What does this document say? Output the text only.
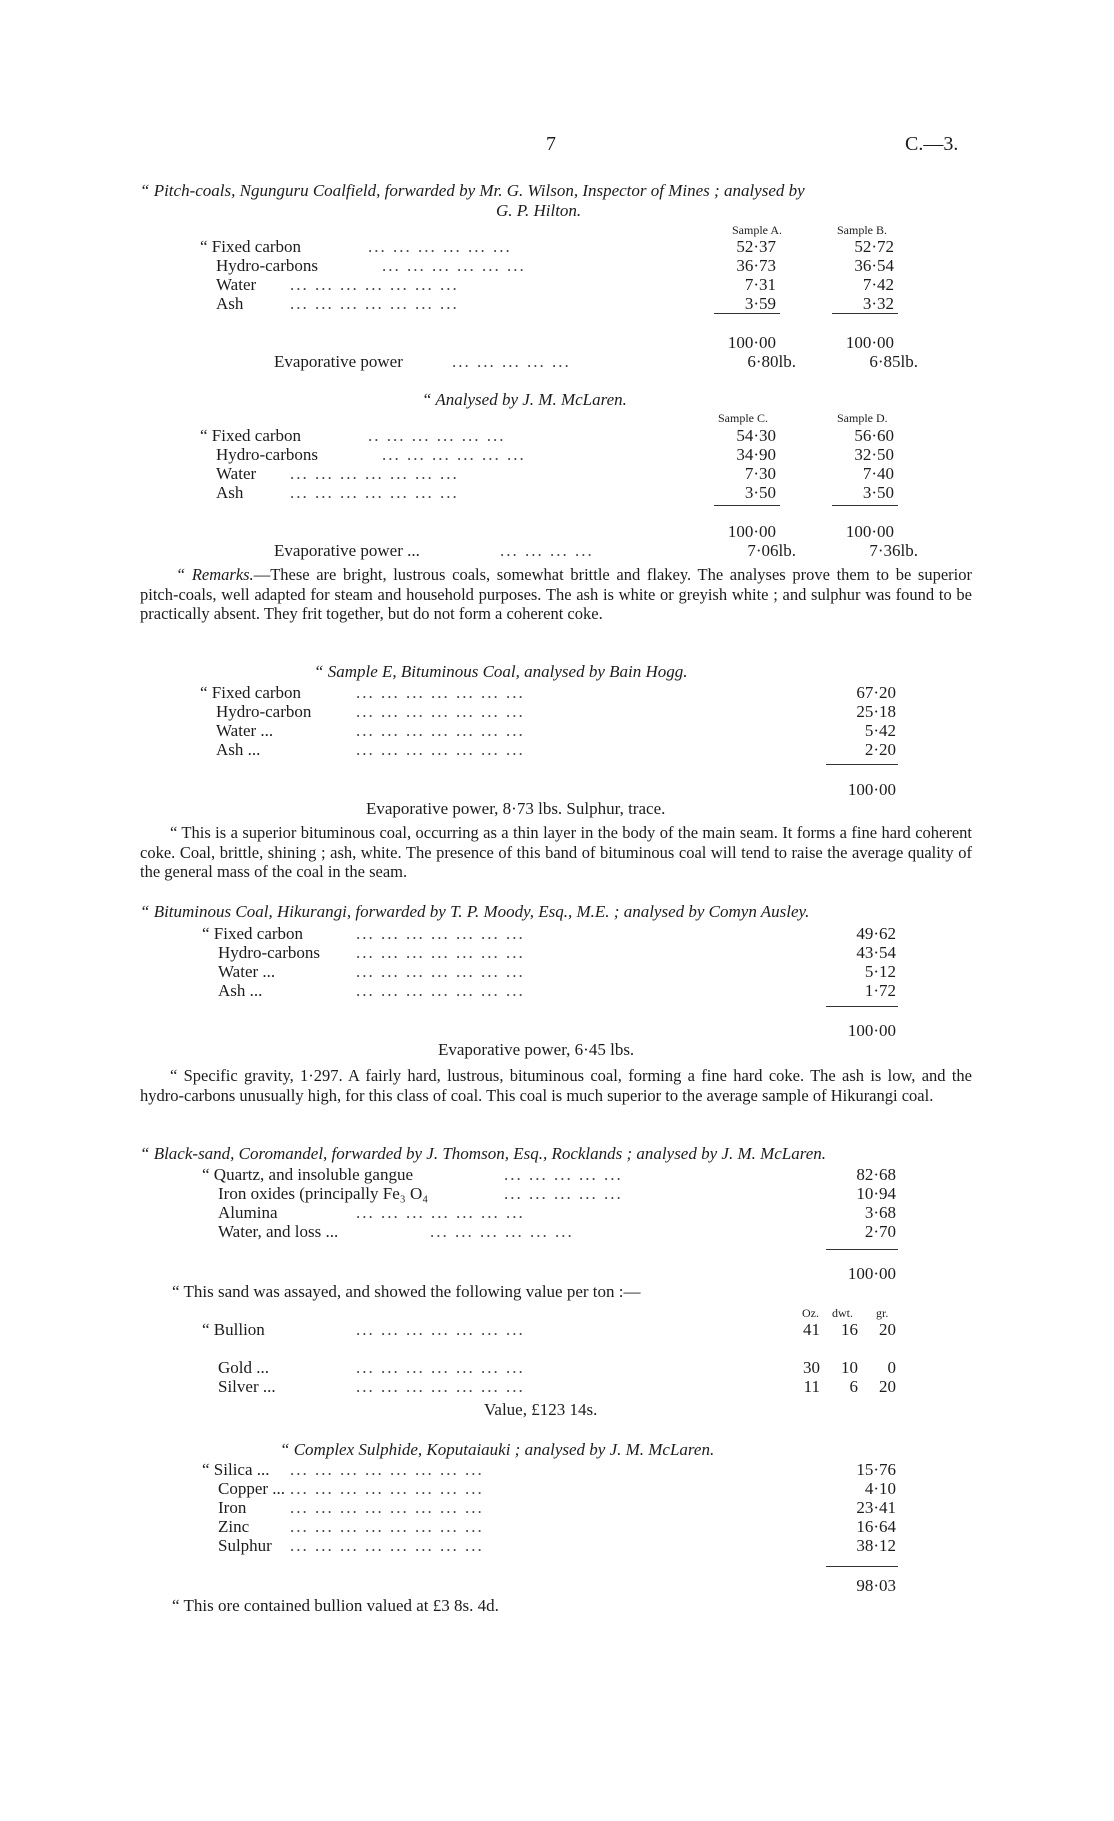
7	C.—3.
“ Pitch-coals, Ngunguru Coalfield, forwarded by Mr. G. Wilson, Inspector of Mines ; analysed by
G. P. Hilton.
Sample A.	Sample B.
“ Fixed carbon	... ... ... ... ... ...	52·37	52·72
Hydro-carbons	... ... ... ... ... ...	36·73	36·54
Water ... ... ... ... ... ... ...	7·31	7·42
Ash	... ... ... ... ... ... ...	3·59	3·32
100·00	100·00
Evaporative power	... ... ... ... ...	6·80lb.	6·85lb.
“ Analysed by J. M. McLaren.
Sample C.	Sample D.
“ Fixed carbon	.. ... ... ... ... ...	54·30	56·60
Hydro-carbons	... ... ... ... ... ...	34·90	32·50
Water ... ... ... ... ... ... ...	7·30	7·40
Ash	... ... ... ... ... ... ...	3·50	3·50
100·00	100·00
Evaporative power ...	... ... ... ...	7·06lb.	7·36lb.
“ Remarks.—These are bright, lustrous coals, somewhat brittle and flakey. The analyses prove them to be superior pitch-coals, well adapted for steam and household purposes. The ash is white or greyish white ; and sulphur was found to be practically absent. They frit together, but do not form a coherent coke.
“ Sample E, Bituminous Coal, analysed by Bain Hogg.
“ Fixed carbon	... ... ... ... ... ... ...	67·20
Hydro-carbon	... ... ... ... ... ... ...	25·18
Water ...	... ... ... ... ... ... ...	5·42
Ash ...	... ... ... ... ... ... ...	2·20
100·00
Evaporative power, 8·73 lbs. Sulphur, trace.
“ This is a superior bituminous coal, occurring as a thin layer in the body of the main seam. It forms a fine hard coherent coke. Coal, brittle, shining ; ash, white. The presence of this band of bituminous coal will tend to raise the average quality of the general mass of the coal in the seam.
“ Bituminous Coal, Hikurangi, forwarded by T. P. Moody, Esq., M.E. ; analysed by Comyn Ausley.
“ Fixed carbon	... ... ... ... ... ... ...	49·62
Hydro-carbons ... ... ... ... ... ... ...	43·54
Water ...	... ... ... ... ... ... ...	5·12
Ash ...	... ... ... ... ... ... ...	1·72
100·00
Evaporative power, 6·45 lbs.
“ Specific gravity, 1·297. A fairly hard, lustrous, bituminous coal, forming a fine hard coke. The ash is low, and the hydro-carbons unusually high, for this class of coal. This coal is much superior to the average sample of Hikurangi coal.
“ Black-sand, Coromandel, forwarded by J. Thomson, Esq., Rocklands ; analysed by J. M. McLaren.
“ Quartz, and insoluble gangue	... ... ... ... ...	82·68
Iron oxides (principally Fe₃ O₄	... ... ... ... ...	10·94
Alumina	... ... ... ... ... ... ...	3·68
Water, and loss ...	... ... ... ... ... ...	2·70
100·00
“ This sand was assayed, and showed the following value per ton :—
Oz. dwt. gr.
“ Bullion	... ... ... ... ... ... ...	41	16	20
Gold ...	... ... ... ... ... ... ...	30	10	0
Silver ...	... ... ... ... ... ... ...	11	6	20
Value, £123 14s.
“ Complex Sulphide, Koputaiauki ; analysed by J. M. McLaren.
“ Silica ... ... ... ... ... ... ... ... ...	15·76
Copper ... ... ... ... ... ... ... ... ...	4·10
Iron	... ... ... ... ... ... ... ...	23·41
Zinc ... ... ... ... ... ... ... ...	16·64
Sulphur ... ... ... ... ... ... ... ...	38·12
98·03
“ This ore contained bullion valued at £3 8s. 4d.
